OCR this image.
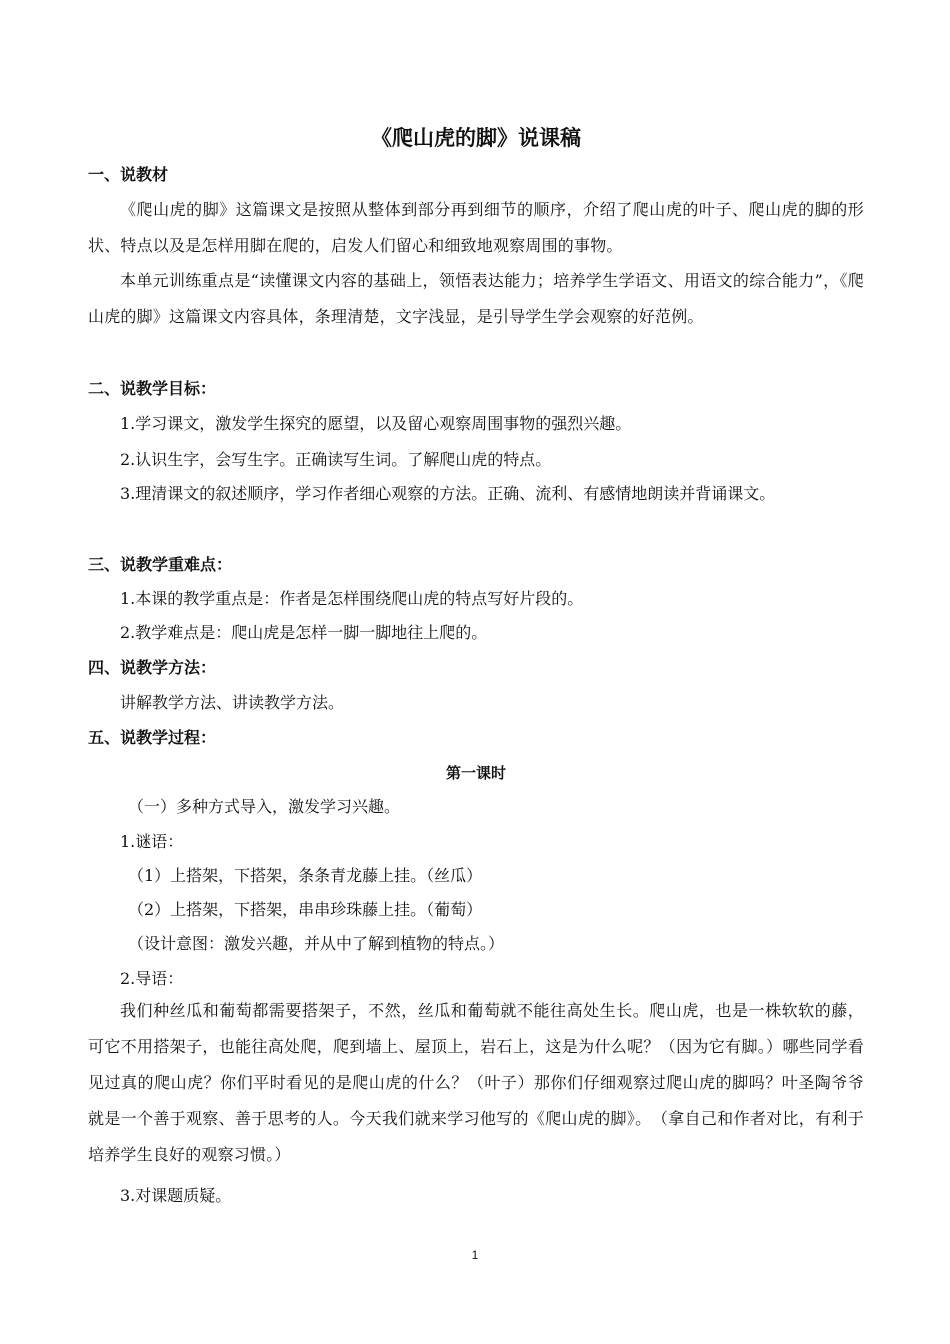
《爬山虎的脚》说课稿
一、说教材
《爬山虎的脚》这篇课文是按照从整体到部分再到细节的顺序，介绍了爬山虎的叶子、爬山虎的脚的形状、特点以及是怎样用脚在爬的，启发人们留心和细致地观察周围的事物。
本单元训练重点是“读懂课文内容的基础上，领悟表达能力；培养学生学语文、用语文的综合能力”，《爬山虎的脚》这篇课文内容具体，条理清楚，文字浅显，是引导学生学会观察的好范例。
二、说教学目标：
1.学习课文，激发学生探究的愿望，以及留心观察周围事物的强烈兴趣。
2.认识生字，会写生字。正确读写生词。了解爬山虎的特点。
3.理清课文的叙述顺序，学习作者细心观察的方法。正确、流利、有感情地朗读并背诵课文。
三、说教学重难点：
1.本课的教学重点是：作者是怎样围绕爬山虎的特点写好片段的。
2.教学难点是：爬山虎是怎样一脚一脚地往上爬的。
四、说教学方法：
讲解教学方法、讲读教学方法。
五、说教学过程：
第一课时
（一）多种方式导入，激发学习兴趣。
1.谜语：
（1）上搭架，下搭架，条条青龙藤上挂。（丝瓜）
（2）上搭架，下搭架，串串珍珠藤上挂。（葡萄）
（设计意图：激发兴趣，并从中了解到植物的特点。）
2.导语：
我们种丝瓜和葡萄都需要搭架子，不然，丝瓜和葡萄就不能往高处生长。爬山虎，也是一株软软的藤，可它不用搭架子，也能往高处爬，爬到墙上、屋顶上，岩石上，这是为什么呢？（因为它有脚。）哪些同学看见过真的爬山虎？你们平时看见的是爬山虎的什么？（叶子）那你们仔细观察过爬山虎的脚吗？叶圣陶爷爷就是一个善于观察、善于思考的人。今天我们就来学习他写的《爬山虎的脚》。　（拿自己和作者对比，有利于培养学生良好的观察习惯。）
3.对课题质疑。
1
